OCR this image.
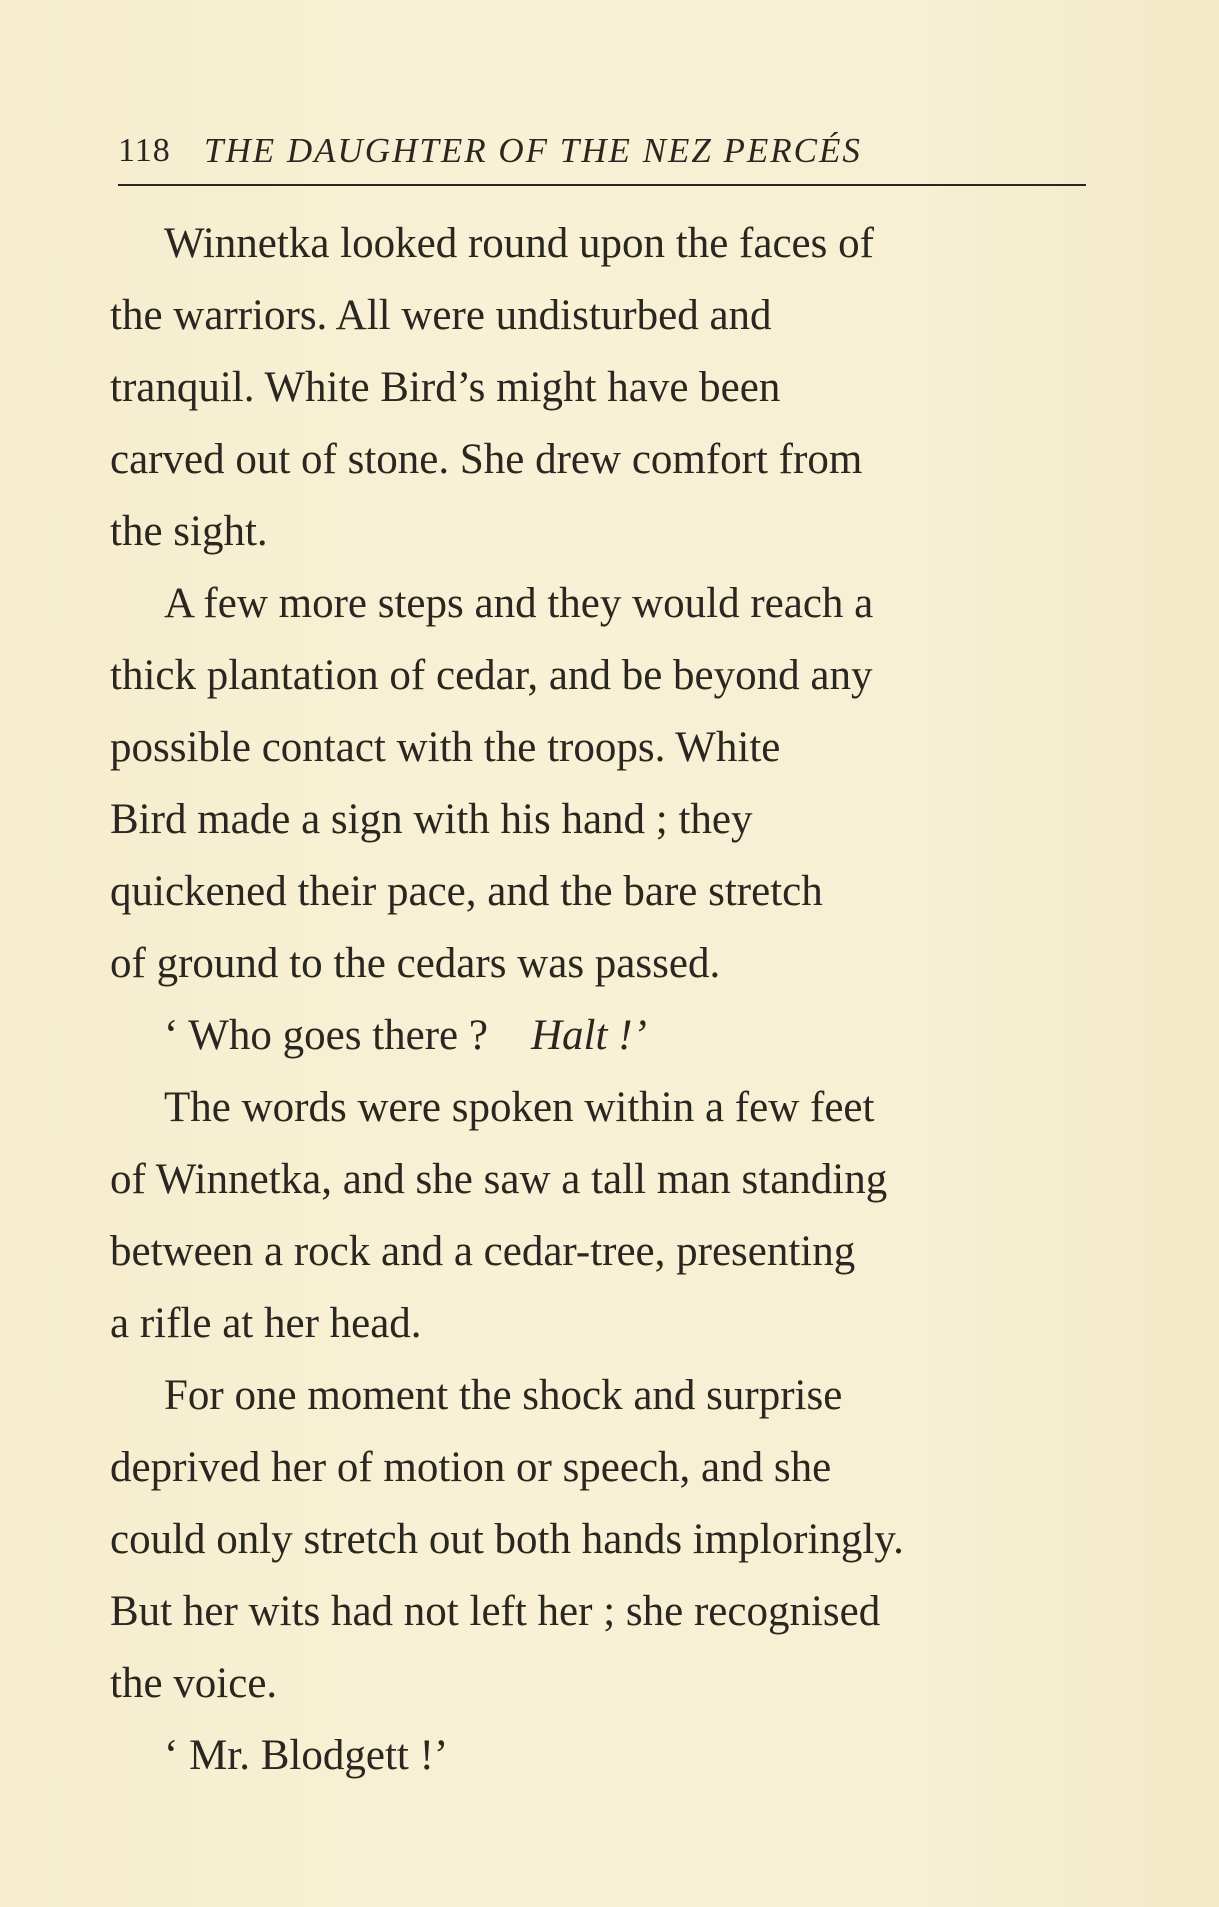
118 THE DAUGHTER OF THE NEZ PERCÉS
Winnetka looked round upon the faces of
the warriors. All were undisturbed and
tranquil. White Bird’s might have been
carved out of stone. She drew comfort from
the sight.
A few more steps and they would reach a
thick plantation of cedar, and be beyond any
possible contact with the troops. White
Bird made a sign with his hand ; they
quickened their pace, and the bare stretch
of ground to the cedars was passed.
‘ Who goes there ? Halt !’
The words were spoken within a few feet
of Winnetka, and she saw a tall man standing
between a rock and a cedar-tree, presenting
a rifle at her head.
For one moment the shock and surprise
deprived her of motion or speech, and she
could only stretch out both hands imploringly.
But her wits had not left her ; she recognised
the voice.
‘ Mr. Blodgett !’
